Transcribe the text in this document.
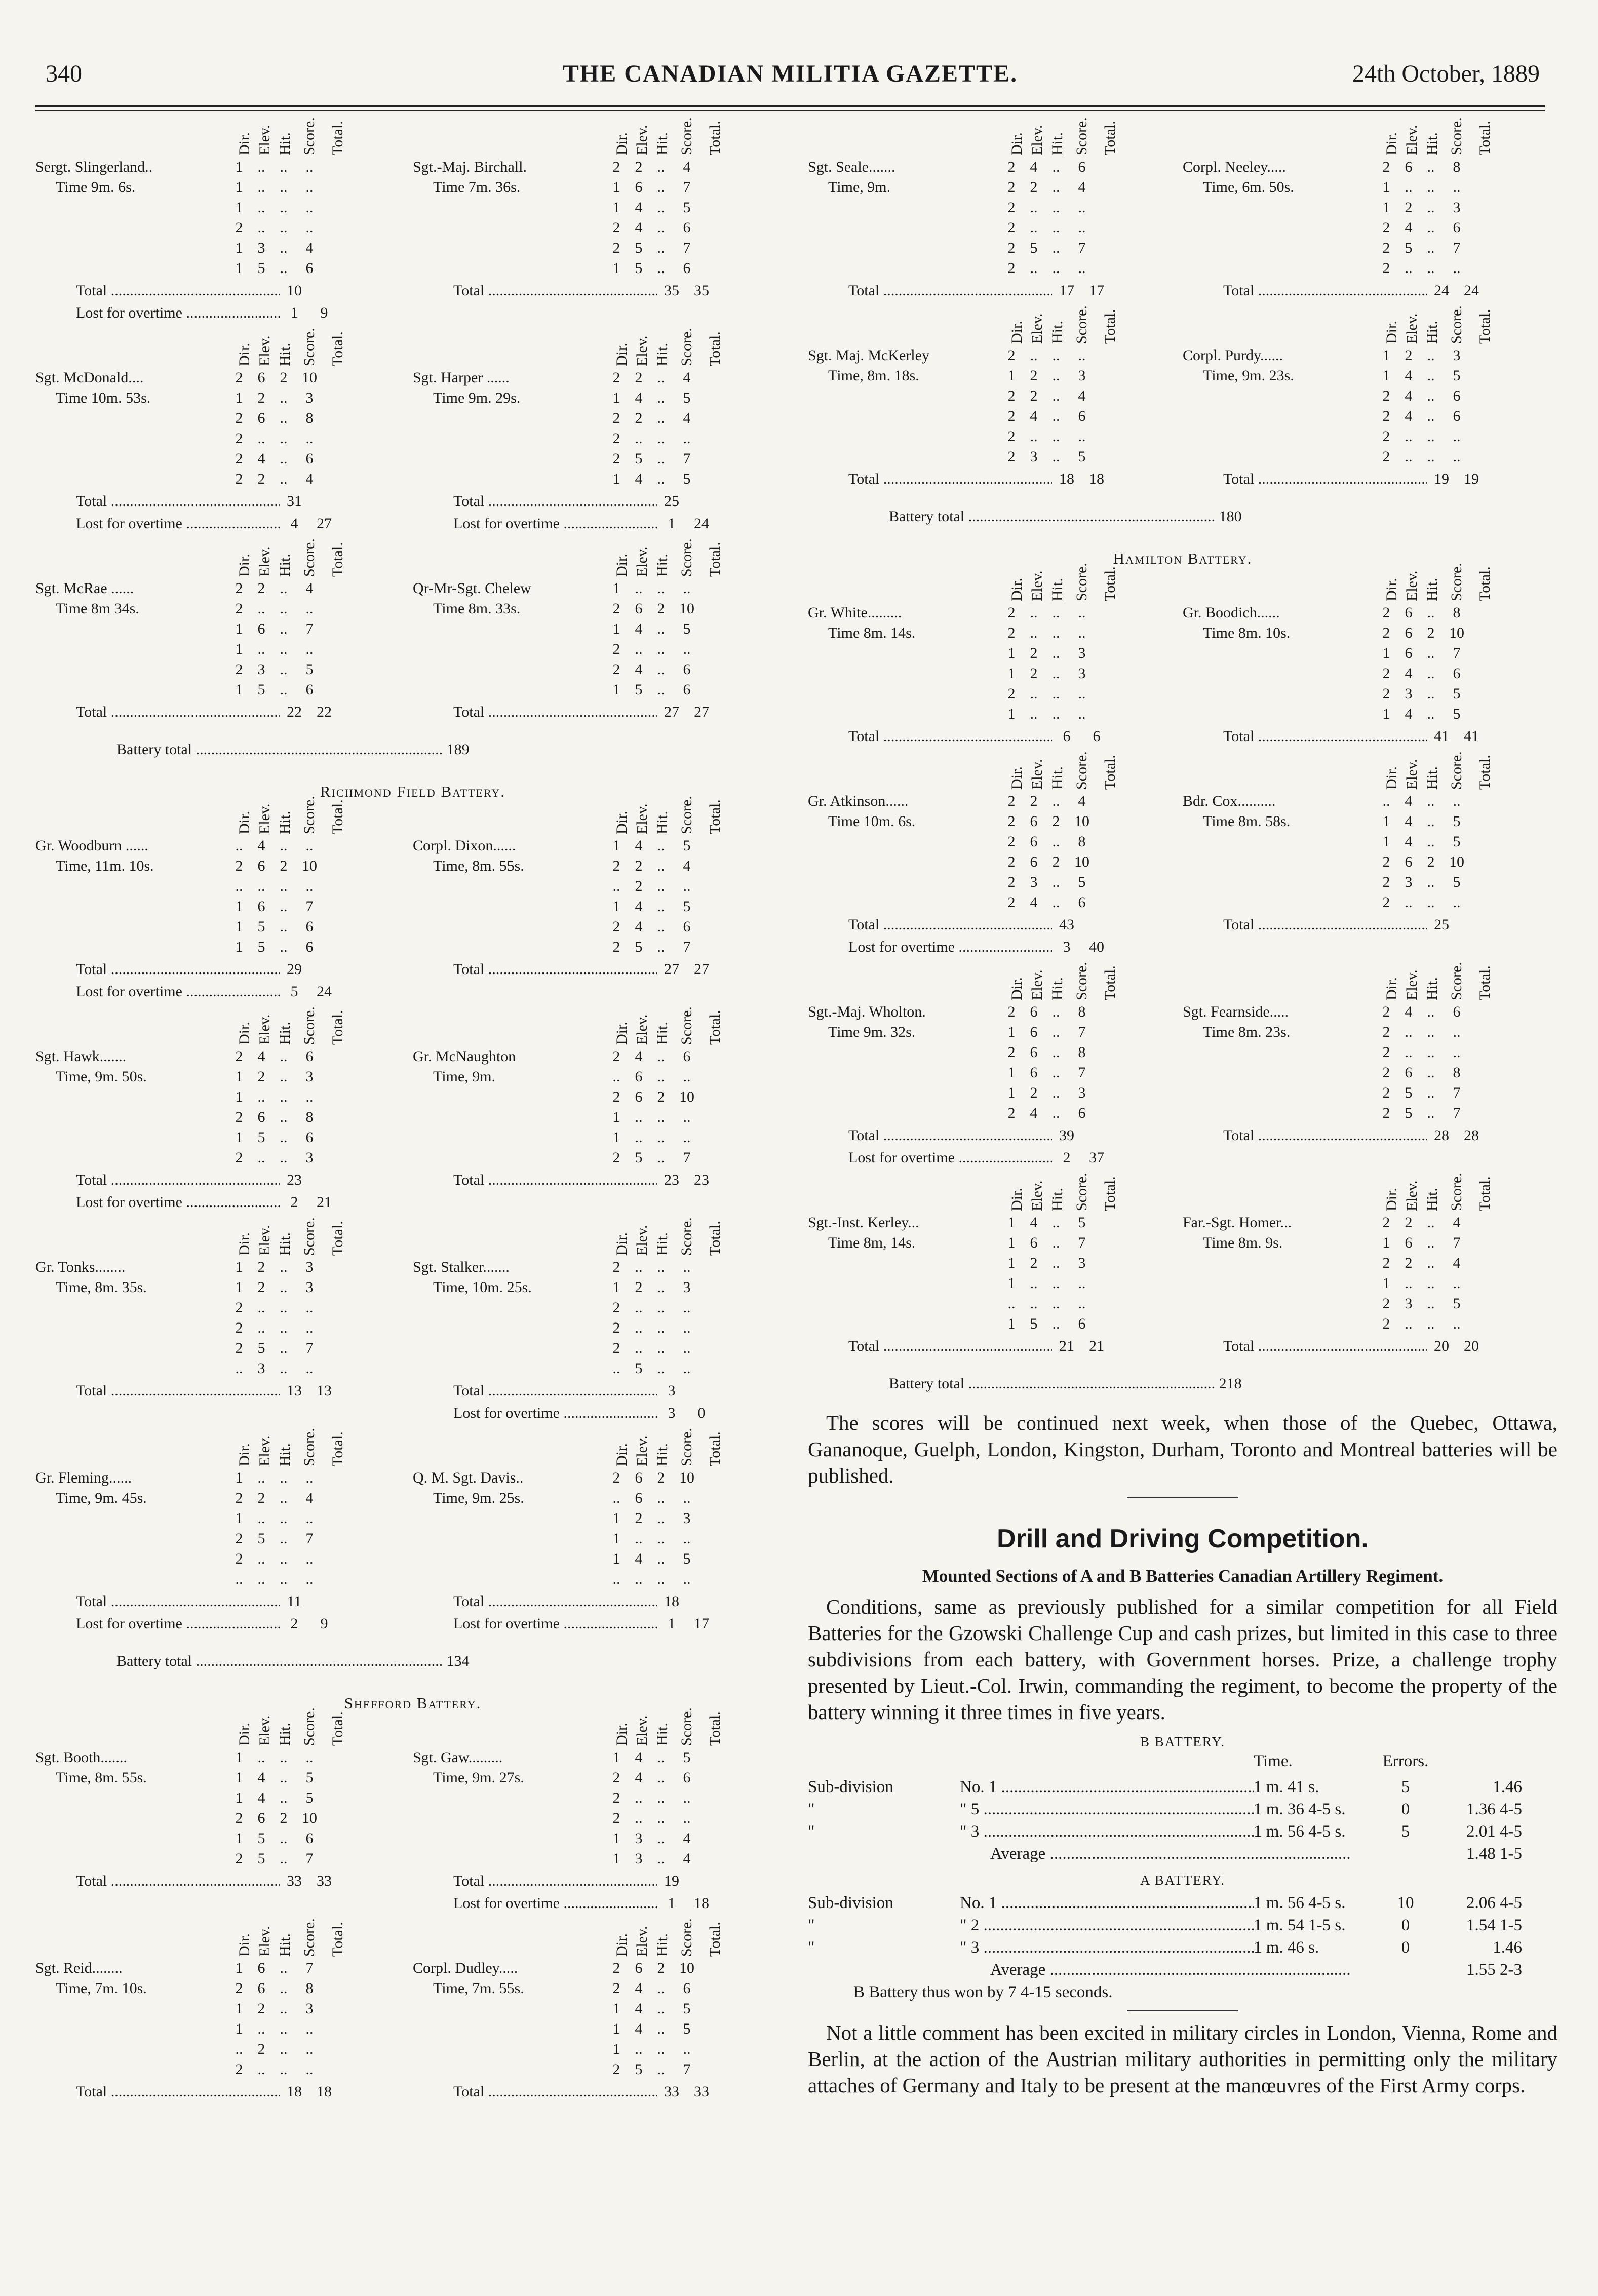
340	THE CANADIAN MILITIA GAZETTE.	24th October, 1889
Dir. Elev. Hit. Score. Total.
Sergt. Slingerland..	1 .. ..	..
Time 9m. 6s.	1 .. ..	..
1 .. ..	..
2 .. ..	..
1 3 ..	4
1 5 ..	6
Total .....	10
Lost for overtime .....	1	9
Dir. Elev. Hit. Score. Total.
Sgt.-Maj. Birchall.	2 2 ..	4
Time 7m. 36s.	1 6 ..	7
1 4 ..	5
2 4 ..	6
2 5 ..	7
1 5 ..	6
Total .....	35 35
Dir. Elev. Hit. Score. Total.
Sgt. McDonald....	2 6 2 10
Time 10m. 53s.	1 2 ..	3
2 6 ..	8
2 .. ..	..
2 4 ..	6
2 2 ..	4
Total .....	31
Lost for overtime .....	4	27
Dir. Elev. Hit. Score. Total.
Sgt. Harper ......	2 2 ..	4
Time 9m. 29s.	1 4 ..	5
2 2 ..	4
2 .. ..	..
2 5 ..	7
1 4 ..	5
Total .....	25
Lost for overtime .....	1	24
Dir. Elev. Hit. Score. Total.
Sgt. McRae ......	2 2 ..	4
Time 8m 34s.	2 .. ..	..
1 6 ..	7
1 .. ..	..
2 3 ..	5
1 5 ..	6
Total .....	22 22
Dir. Elev. Hit. Score. Total.
Qr-Mr-Sgt. Chelew	1 .. ..	..
Time 8m. 33s.	2 6 2 10
1 4 ..	5
2 .. ..	..
2 4 ..	6
1 5 ..	6
Total .....	27 27
Battery total ................................................................. 189
Richmond Field Battery.
Dir. Elev. Hit. Score. Total.
Gr. Woodburn ......	.. 4 ..	..
Time, 11m. 10s.	2 6 2 10
.. .. ..	..
1 6 ..	7
1 5 ..	6
1 5 ..	6
Total .....	29
Lost for overtime .....	5	24
Dir. Elev. Hit. Score. Total.
Corpl. Dixon......	1 4 ..	5
Time, 8m. 55s.	2 2 ..	4
.. 2 ..	..
1 4 ..	5
2 4 ..	6
2 5 ..	7
Total .....	27 27
Dir. Elev. Hit. Score. Total.
Sgt. Hawk.......	2 4 ..	6
Time, 9m. 50s.	1 2 ..	3
1 .. ..	..
2 6 ..	8
1 5 ..	6
2 .. ..	3
Total .....	23
Lost for overtime .....	2	21
Dir. Elev. Hit. Score. Total.
Gr. McNaughton	2 4 ..	6
Time, 9m.	.. 6 ..	..
2 6 2 10
1 .. ..	..
1 .. ..	..
2 5 ..	7
Total .....	23 23
Dir. Elev. Hit. Score. Total.
Gr. Tonks........	1 2 ..	3
Time, 8m. 35s.	1 2 ..	3
2 .. ..	..
2 .. ..	..
2 5 ..	7
.. 3 ..	..
Total .....	13 13
Dir. Elev. Hit. Score. Total.
Sgt. Stalker.......	2 .. ..	..
Time, 10m. 25s.	1 2 ..	3
2 .. ..	..
2 .. ..	..
2 .. ..	..
.. 5 ..	..
Total .....	3
Lost for overtime .....	3	0
Dir. Elev. Hit. Score. Total.
Gr. Fleming......	1 .. ..	..
Time, 9m. 45s.	2 2 ..	4
1 .. ..	..
2 5 ..	7
2 .. ..	..
.. .. ..	..
Total .....	11
Lost for overtime .....	2	9
Dir. Elev. Hit. Score. Total.
Q. M. Sgt. Davis..	2 6 2 10
Time, 9m. 25s.	.. 6 ..	..
1 2 ..	3
1 .. ..	..
1 4 ..	5
.. .. ..	..
Total .....	18
Lost for overtime .....	1	17
Battery total ................................................................. 134
Shefford Battery.
Dir. Elev. Hit. Score. Total.
Sgt. Booth.......	1 .. ..	..
Time, 8m. 55s.	1 4 ..	5
1 4 ..	5
2 6 2 10
1 5 ..	6
2 5 ..	7
Total .....	33 33
Dir. Elev. Hit. Score. Total.
Sgt. Gaw.........	1 4 ..	5
Time, 9m. 27s.	2 4 ..	6
2 .. ..	..
2 .. ..	..
1 3 ..	4
1 3 ..	4
Total .....	19
Lost for overtime .....	1	18
Dir. Elev. Hit. Score. Total.
Sgt. Reid........	1 6 ..	7
Time, 7m. 10s.	2 6 ..	8
1 2 ..	3
1 .. ..	..
.. 2 ..	..
2 .. ..	..
Total .....	18 18
Dir. Elev. Hit. Score. Total.
Corpl. Dudley.....	2 6 2 10
Time, 7m. 55s.	2 4 ..	6
1 4 ..	5
1 4 ..	5
1 .. ..	..
2 5 ..	7
Total .....	33 33
Dir. Elev. Hit. Score. Total.
Sgt. Seale.......	2 4 ..	6
Time, 9m.	2 2 ..	4
2 .. ..	..
2 .. ..	..
2 5 ..	7
2 .. ..	..
Total .....	17 17
Dir. Elev. Hit. Score. Total.
Corpl. Neeley.....	2 6 ..	8
Time, 6m. 50s.	1 .. ..	..
1 2 ..	3
2 4 ..	6
2 5 ..	7
2 .. ..	..
Total .....	24 24
Dir. Elev. Hit. Score. Total.
Sgt. Maj. McKerley	2 .. ..	..
Time, 8m. 18s.	1 2 ..	3
2 2 ..	4
2 4 ..	6
2 .. ..	..
2 3 ..	5
Total .....	18 18
Dir. Elev. Hit. Score. Total.
Corpl. Purdy......	1 2 ..	3
Time, 9m. 23s.	1 4 ..	5
2 4 ..	6
2 4 ..	6
2 .. ..	..
2 .. ..	..
Total .....	19 19
Battery total ................................................................. 180
Hamilton Battery.
Dir. Elev. Hit. Score. Total.
Gr. White.........	2 .. ..	..
Time 8m. 14s.	2 .. ..	..
1 2 ..	3
1 2 ..	3
2 .. ..	..
1 .. ..	..
Total .....	6	6
Dir. Elev. Hit. Score. Total.
Gr. Boodich......	2 6 ..	8
Time 8m. 10s.	2 6 2 10
1 6 ..	7
2 4 ..	6
2 3 ..	5
1 4 ..	5
Total .....	41 41
Dir. Elev. Hit. Score. Total.
Gr. Atkinson......	2 2 ..	4
Time 10m. 6s.	2 6 2 10
2 6 ..	8
2 6 2 10
2 3 ..	5
2 4 ..	6
Total .....	43
Lost for overtime .....	3	40
Dir. Elev. Hit. Score. Total.
Bdr. Cox..........	.. 4 ..	..
Time 8m. 58s.	1 4 ..	5
1 4 ..	5
2 6 2 10
2 3 ..	5
2 .. ..	..
Total .....	25
Dir. Elev. Hit. Score. Total.
Sgt.-Maj. Wholton.	2 6 ..	8
Time 9m. 32s.	1 6 ..	7
2 6 ..	8
1 6 ..	7
1 2 ..	3
2 4 ..	6
Total .....	39
Lost for overtime .....	2	37
Dir. Elev. Hit. Score. Total.
Sgt. Fearnside.....	2 4 ..	6
Time 8m. 23s.	2 .. ..	..
2 .. ..	..
2 6 ..	8
2 5 ..	7
2 5 ..	7
Total .....	28 28
Dir. Elev. Hit. Score. Total.
Sgt.-Inst. Kerley...	1 4 ..	5
Time 8m, 14s.	1 6 ..	7
1 2 ..	3
1 .. ..	..
.. .. ..	..
1 5 ..	6
Total .....	21 21
Dir. Elev. Hit. Score. Total.
Far.-Sgt. Homer...	2 2 ..	4
Time 8m. 9s.	1 6 ..	7
2 2 ..	4
1 .. ..	..
2 3 ..	5
2 .. ..	..
Total .....	20 20
Battery total ................................................................. 218

The scores will be continued next week, when those of the Quebec, Ottawa, Gananoque, Guelph, London, Kingston, Durham, Toronto and Montreal batteries will be published.

Drill and Driving Competition.
Mounted Sections of A and B Batteries Canadian Artillery Regiment.

Conditions, same as previously published for a similar competition for all Field Batteries for the Gzowski Challenge Cup and cash prizes, but limited in this case to three subdivisions from each battery, with Government horses. Prize, a challenge trophy presented by Lieut.-Col. Irwin, commanding the regiment, to become the property of the battery winning it three times in five years.

B BATTERY.
Time.	Errors.
Sub-division	No. 1 .....	1 m. 41 s.	5	1.46
"	" 5 .....	1 m. 36 4-5 s.	0	1.36 4-5
"	" 3 .....	1 m. 56 4-5 s.	5	2.01 4-5
Average .....	1.48 1-5
A BATTERY.
Sub-division	No. 1 .....	1 m. 56 4-5 s.	10	2.06 4-5
"	" 2 .....	1 m. 54 1-5 s.	0	1.54 1-5
"	" 3 .....	1 m. 46 s.	0	1.46
Average .....	1.55 2-3
B Battery thus won by 7 4-15 seconds.

Not a little comment has been excited in military circles in London, Vienna, Rome and Berlin, at the action of the Austrian military authorities in permitting only the military attaches of Germany and Italy to be present at the manœuvres of the First Army corps.
